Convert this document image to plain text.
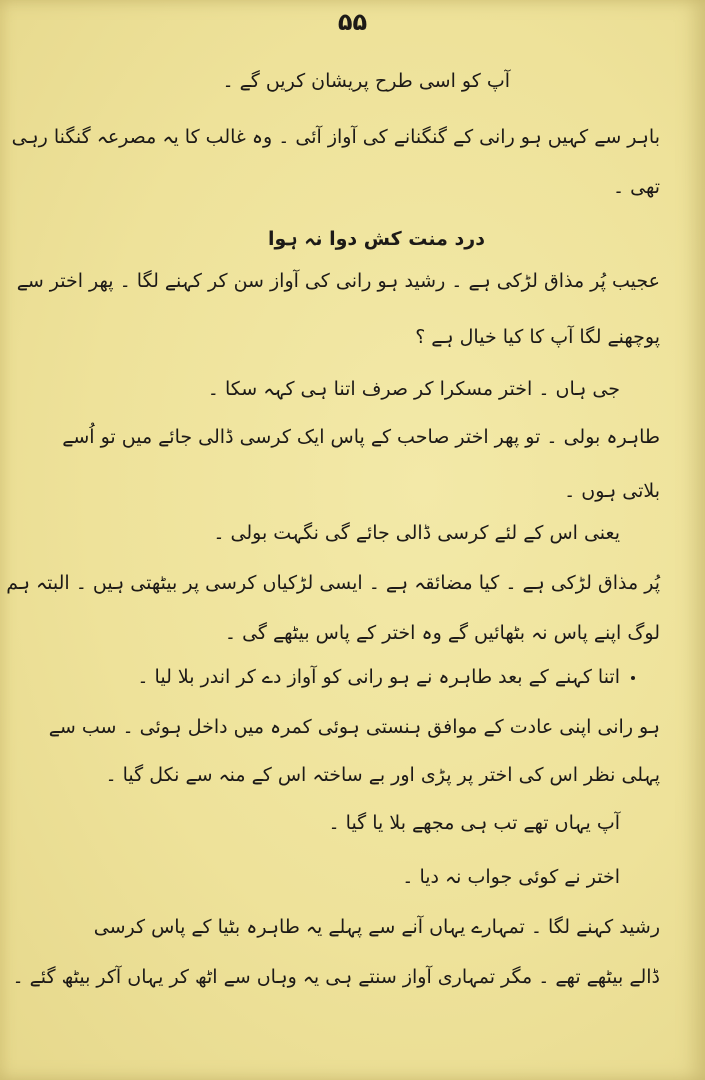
۵۵
آپ کو اسی طرح پریشان کریں گے ۔
باہر سے کہیں ہو رانی کے گنگنانے کی آواز آئی ۔ وہ غالب کا یہ مصرعہ گنگنا رہی
تھی ۔
درد منت کش دوا نہ ہوا
عجیب پُر مذاق لڑکی ہے ۔ رشید ہو رانی کی آواز سن کر کہنے لگا ۔ پھر اختر سے
پوچھنے لگا آپ کا کیا خیال ہے ؟
جی ہاں ۔ اختر مسکرا کر صرف اتنا ہی کہہ سکا ۔
طاہرہ بولی ۔ تو پھر اختر صاحب کے پاس ایک کرسی ڈالی جائے میں تو اُسے
بلاتی ہوں ۔
یعنی اس کے لئے کرسی ڈالی جائے گی نگہت بولی ۔
پُر مذاق لڑکی ہے ۔ کیا مضائقہ ہے ۔ ایسی لڑکیاں کرسی پر بیٹھتی ہیں ۔ البتہ ہم
لوگ اپنے پاس نہ بٹھائیں گے وہ اختر کے پاس بیٹھے گی ۔
اتنا کہنے کے بعد طاہرہ نے ہو رانی کو آواز دے کر اندر بلا لیا ۔
ہو رانی اپنی عادت کے موافق ہنستی ہوئی کمرہ میں داخل ہوئی ۔ سب سے
پہلی نظر اس کی اختر پر پڑی اور بے ساختہ اس کے منہ سے نکل گیا ۔
آپ یہاں تھے تب ہی مجھے بلا یا گیا ۔
اختر نے کوئی جواب نہ دیا ۔
رشید کہنے لگا ۔ تمہارے یہاں آنے سے پہلے یہ طاہرہ بٹیا کے پاس کرسی
ڈالے بیٹھے تھے ۔ مگر تمہاری آواز سنتے ہی یہ وہاں سے اٹھ کر یہاں آکر بیٹھ گئے ۔
